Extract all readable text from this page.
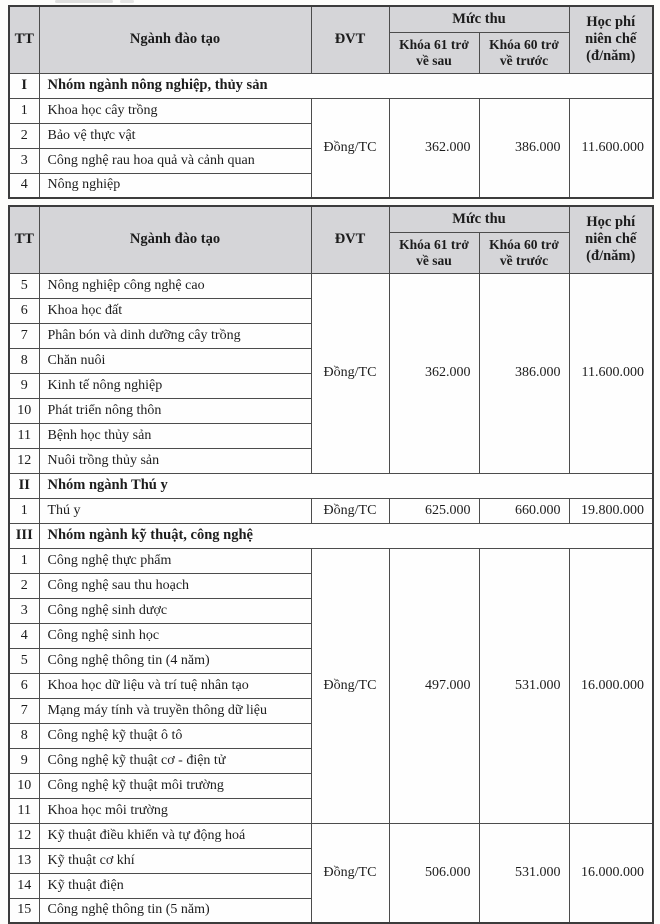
TT	Ngành đào tạo	ĐVT	Mức thu		Học phí niên chế (đ/năm)
			Khóa 61 trở về sau	Khóa 60 trở về trước	
I	Nhóm ngành nông nghiệp, thủy sản				
1	Khoa học cây trồng	Đồng/TC	362.000	386.000	11.600.000
2	Bảo vệ thực vật				
3	Công nghệ rau hoa quả và cảnh quan				
4	Nông nghiệp				
TT	Ngành đào tạo	ĐVT	Mức thu		Học phí niên chế (đ/năm)
			Khóa 61 trở về sau	Khóa 60 trở về trước	
5	Nông nghiệp công nghệ cao	Đồng/TC	362.000	386.000	11.600.000
6	Khoa học đất				
7	Phân bón và dinh dưỡng cây trồng				
8	Chăn nuôi				
9	Kinh tế nông nghiệp				
10	Phát triển nông thôn				
11	Bệnh học thủy sản				
12	Nuôi trồng thủy sản				
II	Nhóm ngành Thú y				
1	Thú y	Đồng/TC	625.000	660.000	19.800.000
III	Nhóm ngành kỹ thuật, công nghệ				
1	Công nghệ thực phẩm	Đồng/TC	497.000	531.000	16.000.000
2	Công nghệ sau thu hoạch				
3	Công nghệ sinh dược				
4	Công nghệ sinh học				
5	Công nghệ thông tin (4 năm)				
6	Khoa học dữ liệu và trí tuệ nhân tạo				
7	Mạng máy tính và truyền thông dữ liệu				
8	Công nghệ kỹ thuật ô tô				
9	Công nghệ kỹ thuật cơ - điện tử				
10	Công nghệ kỹ thuật môi trường				
11	Khoa học môi trường				
12	Kỹ thuật điều khiển và tự động hoá	Đồng/TC	506.000	531.000	16.000.000
13	Kỹ thuật cơ khí				
14	Kỹ thuật điện				
15	Công nghệ thông tin (5 năm)				
